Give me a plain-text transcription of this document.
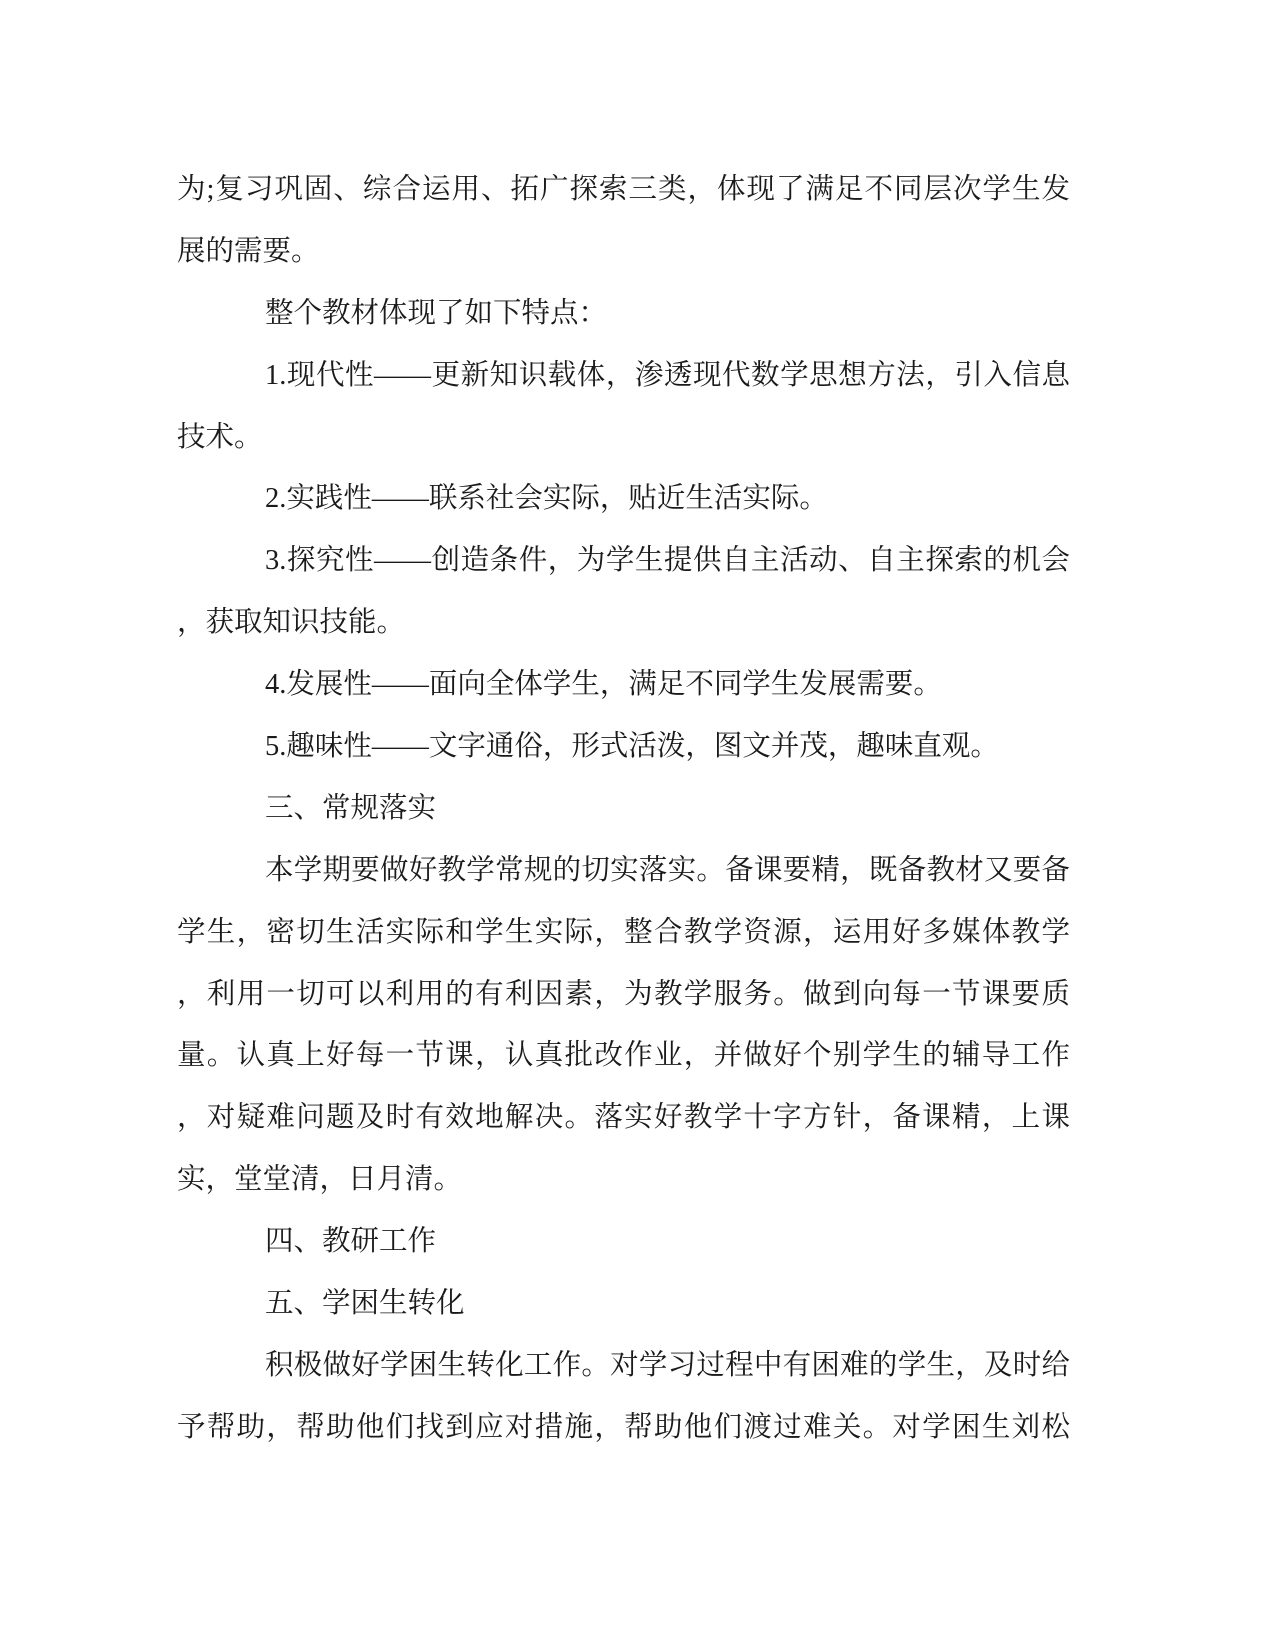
为;复习巩固、综合运用、拓广探索三类，体现了满足不同层次学生发
展的需要。
整个教材体现了如下特点：
1.现代性——更新知识载体，渗透现代数学思想方法，引入信息
技术。
2.实践性——联系社会实际，贴近生活实际。
3.探究性——创造条件，为学生提供自主活动、自主探索的机会
，获取知识技能。
4.发展性——面向全体学生，满足不同学生发展需要。
5.趣味性——文字通俗，形式活泼，图文并茂，趣味直观。
三、常规落实
本学期要做好教学常规的切实落实。备课要精，既备教材又要备
学生，密切生活实际和学生实际，整合教学资源，运用好多媒体教学
，利用一切可以利用的有利因素，为教学服务。做到向每一节课要质
量。认真上好每一节课，认真批改作业，并做好个别学生的辅导工作
，对疑难问题及时有效地解决。落实好教学十字方针，备课精，上课
实，堂堂清，日月清。
四、教研工作
五、学困生转化
积极做好学困生转化工作。对学习过程中有困难的学生，及时给
予帮助，帮助他们找到应对措施，帮助他们渡过难关。对学困生刘松
